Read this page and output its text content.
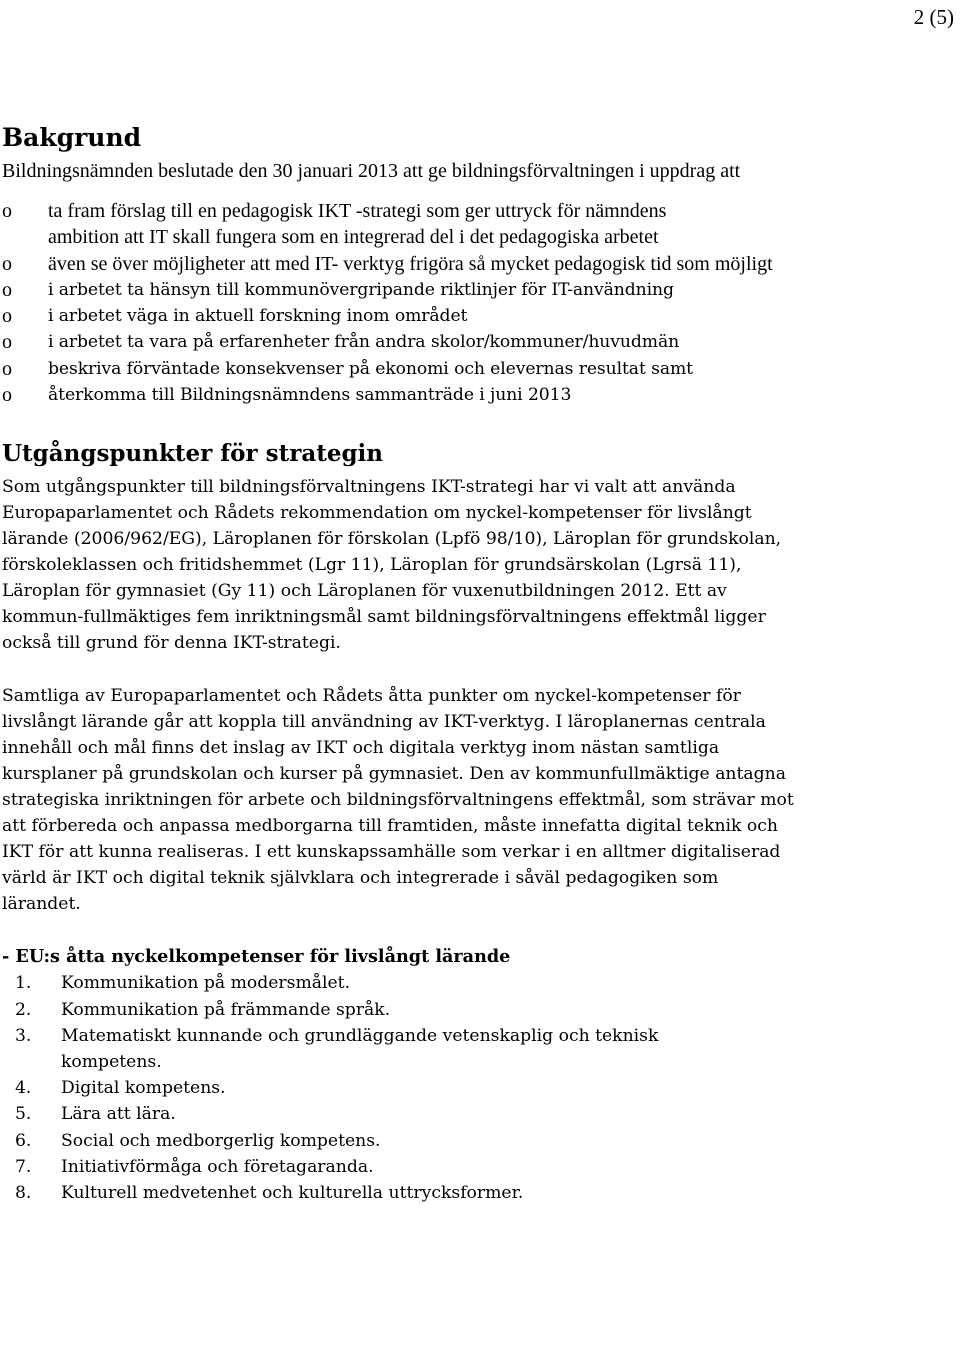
2 (5)
Bakgrund

Bildningsnämnden beslutade den 30 januari 2013 att ge bildningsförvaltningen i uppdrag att

o ta fram förslag till en pedagogisk IKT -strategi som ger uttryck för nämndens ambition att IT skall fungera som en integrerad del i det pedagogiska arbetet
o även se över möjligheter att med IT- verktyg frigöra så mycket pedagogisk tid som möjligt
o i arbetet ta hänsyn till kommunövergripande riktlinjer för IT-användning
o i arbetet väga in aktuell forskning inom området
o i arbetet ta vara på erfarenheter från andra skolor/kommuner/huvudmän
o beskriva förväntade konsekvenser på ekonomi och elevernas resultat samt
o återkomma till Bildningsnämndens sammanträde i juni 2013
Utgångspunkter för strategin

Som utgångspunkter till bildningsförvaltningens IKT-strategi har vi valt att använda Europaparlamentet och Rådets rekommendation om nyckel-kompetenser för livslångt lärande (2006/962/EG), Läroplanen för förskolan (Lpfö 98/10), Läroplan för grundskolan, förskoleklassen och fritidshemmet (Lgr 11), Läroplan för grundsärskolan (Lgrsä 11), Läroplan för gymnasiet (Gy 11) och Läroplanen för vuxenutbildningen 2012. Ett av kommun-fullmäktiges fem inriktningsmål samt bildningsförvaltningens effektmål ligger också till grund för denna IKT-strategi.

Samtliga av Europaparlamentet och Rådets åtta punkter om nyckel-kompetenser för livslångt lärande går att koppla till användning av IKT-verktyg. I läroplanernas centrala innehåll och mål finns det inslag av IKT och digitala verktyg inom nästan samtliga kursplaner på grundskolan och kurser på gymnasiet. Den av kommunfullmäktige antagna strategiska inriktningen för arbete och bildningsförvaltningens effektmål, som strävar mot att förbereda och anpassa medborgarna till framtiden, måste innefatta digital teknik och IKT för att kunna realiseras. I ett kunskapssamhälle som verkar i en alltmer digitaliserad värld är IKT och digital teknik självklara och integrerade i såväl pedagogiken som lärandet.

- EU:s åtta nyckelkompetenser för livslångt lärande
1. Kommunikation på modersmålet.
2. Kommunikation på främmande språk.
3. Matematiskt kunnande och grundläggande vetenskaplig och teknisk kompetens.
4. Digital kompetens.
5. Lära att lära.
6. Social och medborgerlig kompetens.
7. Initiativförmåga och företagaranda.
8. Kulturell medvetenhet och kulturella uttrycksformer.
